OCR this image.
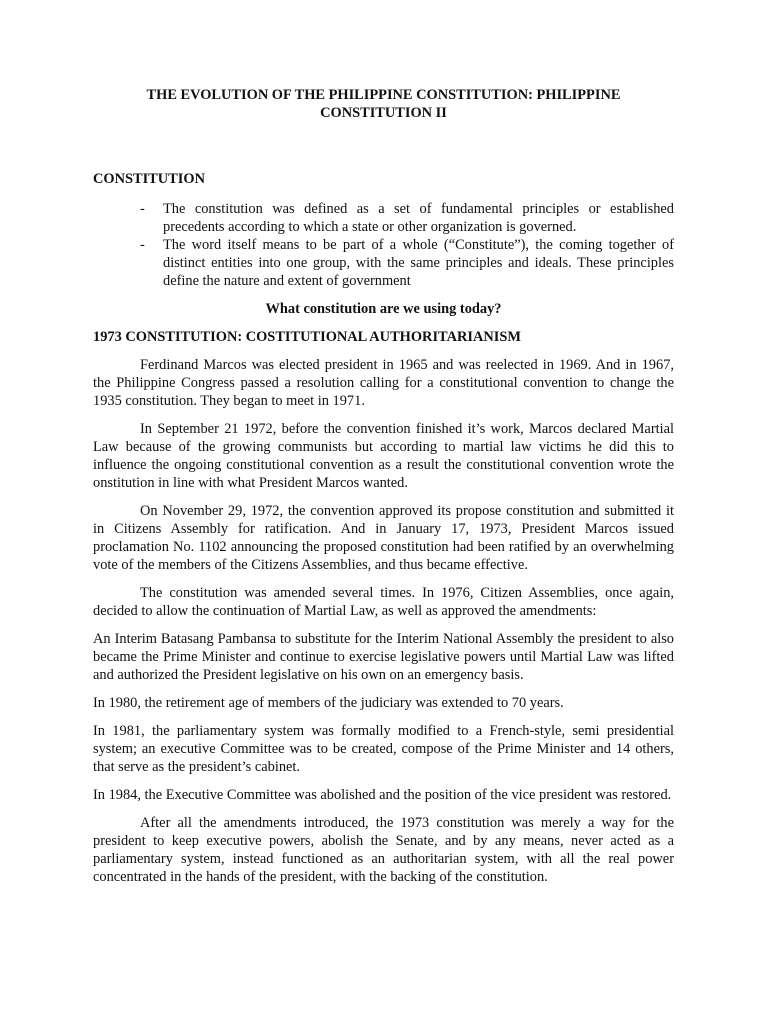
THE EVOLUTION OF THE PHILIPPINE CONSTITUTION: PHILIPPINE CONSTITUTION II

CONSTITUTION

- The constitution was defined as a set of fundamental principles or established precedents according to which a state or other organization is governed.
- The word itself means to be part of a whole (“Constitute”), the coming together of distinct entities into one group, with the same principles and ideals. These principles define the nature and extent of government

What constitution are we using today?

1973 CONSTITUTION: COSTITUTIONAL AUTHORITARIANISM

Ferdinand Marcos was elected president in 1965 and was reelected in 1969. And in 1967, the Philippine Congress passed a resolution calling for a constitutional convention to change the 1935 constitution. They began to meet in 1971.

In September 21 1972, before the convention finished it’s work, Marcos declared Martial Law because of the growing communists but according to martial law victims he did this to influence the ongoing constitutional convention as a result the constitutional convention wrote the onstitution in line with what President Marcos wanted.

On November 29, 1972, the convention approved its propose constitution and submitted it in Citizens Assembly for ratification. And in January 17, 1973, President Marcos issued proclamation No. 1102 announcing the proposed constitution had been ratified by an overwhelming vote of the members of the Citizens Assemblies, and thus became effective.

The constitution was amended several times. In 1976, Citizen Assemblies, once again, decided to allow the continuation of Martial Law, as well as approved the amendments:

An Interim Batasang Pambansa to substitute for the Interim National Assembly the president to also became the Prime Minister and continue to exercise legislative powers until Martial Law was lifted and authorized the President legislative on his own on an emergency basis.

In 1980, the retirement age of members of the judiciary was extended to 70 years.

In 1981, the parliamentary system was formally modified to a French-style, semi presidential system; an executive Committee was to be created, compose of the Prime Minister and 14 others, that serve as the president’s cabinet.

In 1984, the Executive Committee was abolished and the position of the vice president was restored.

After all the amendments introduced, the 1973 constitution was merely a way for the president to keep executive powers, abolish the Senate, and by any means, never acted as a parliamentary system, instead functioned as an authoritarian system, with all the real power concentrated in the hands of the president, with the backing of the constitution.
